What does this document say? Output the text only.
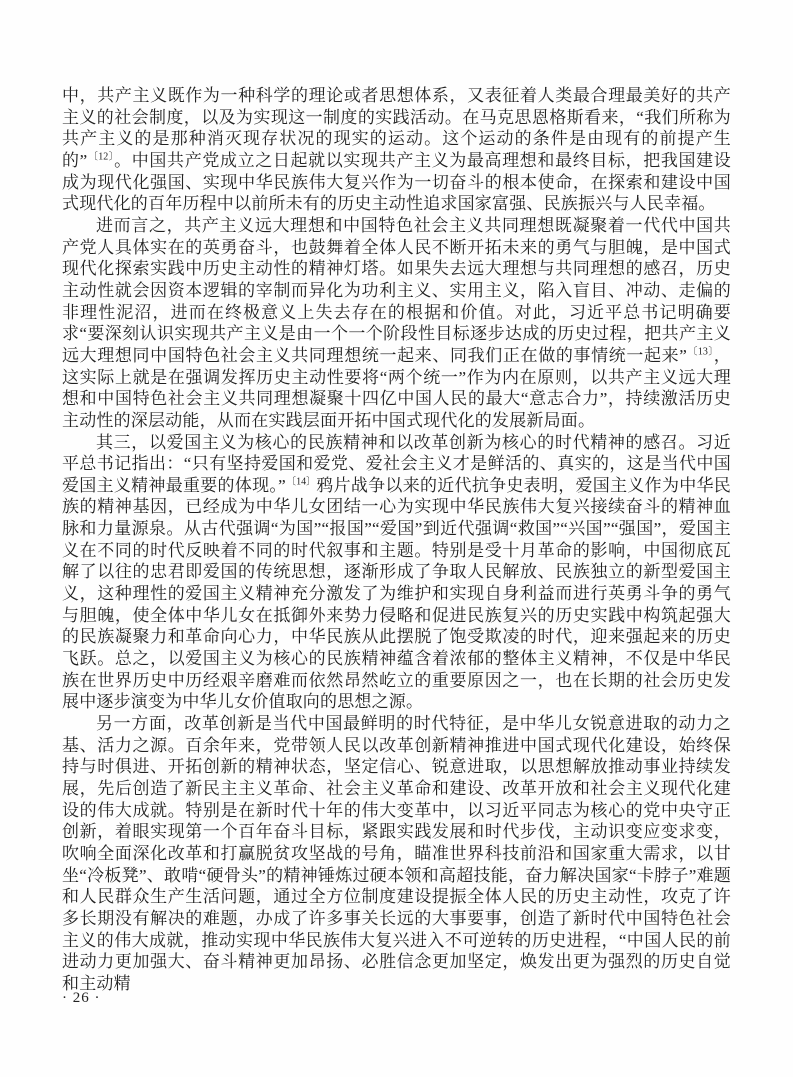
中，共产主义既作为一种科学的理论或者思想体系，又表征着人类最合理最美好的共产主义的社会制度，以及为实现这一制度的实践活动。在马克思恩格斯看来，“我们所称为共产主义的是那种消灭现存状况的现实的运动。这个运动的条件是由现有的前提产生的”$^{〔12〕}$。中国共产党成立之日起就以实现共产主义为最高理想和最终目标，把我国建设成为现代化强国、实现中华民族伟大复兴作为一切奋斗的根本使命，在探索和建设中国式现代化的百年历程中以前所未有的历史主动性追求国家富强、民族振兴与人民幸福。

进而言之，共产主义远大理想和中国特色社会主义共同理想既凝聚着一代代中国共产党人具体实在的英勇奋斗，也鼓舞着全体人民不断开拓未来的勇气与胆魄，是中国式现代化探索实践中历史主动性的精神灯塔。如果失去远大理想与共同理想的感召，历史主动性就会因资本逻辑的宰制而异化为功利主义、实用主义，陷入盲目、冲动、走偏的非理性泥沼，进而在终极意义上失去存在的根据和价值。对此，习近平总书记明确要求“要深刻认识实现共产主义是由一个一个阶段性目标逐步达成的历史过程，把共产主义远大理想同中国特色社会主义共同理想统一起来、同我们正在做的事情统一起来”$^{〔13〕}$，这实际上就是在强调发挥历史主动性要将“两个统一”作为内在原则，以共产主义远大理想和中国特色社会主义共同理想凝聚十四亿中国人民的最大“意志合力”，持续激活历史主动性的深层动能，从而在实践层面开拓中国式现代化的发展新局面。

其三，以爱国主义为核心的民族精神和以改革创新为核心的时代精神的感召。习近平总书记指出：“只有坚持爱国和爱党、爱社会主义才是鲜活的、真实的，这是当代中国爱国主义精神最重要的体现。”$^{〔14〕}$鸦片战争以来的近代抗争史表明，爱国主义作为中华民族的精神基因，已经成为中华儿女团结一心为实现中华民族伟大复兴接续奋斗的精神血脉和力量源泉。从古代强调“为国”“报国”“爱国”到近代强调“救国”“兴国”“强国”，爱国主义在不同的时代反映着不同的时代叙事和主题。特别是受十月革命的影响，中国彻底瓦解了以往的忠君即爱国的传统思想，逐渐形成了争取人民解放、民族独立的新型爱国主义，这种理性的爱国主义精神充分激发了为维护和实现自身利益而进行英勇斗争的勇气与胆魄，使全体中华儿女在抵御外来势力侵略和促进民族复兴的历史实践中构筑起强大的民族凝聚力和革命向心力，中华民族从此摆脱了饱受欺凌的时代，迎来强起来的历史飞跃。总之，以爱国主义为核心的民族精神蕴含着浓郁的整体主义精神，不仅是中华民族在世界历史中历经艰辛磨难而依然昂然屹立的重要原因之一，也在长期的社会历史发展中逐步演变为中华儿女价值取向的思想之源。

另一方面，改革创新是当代中国最鲜明的时代特征，是中华儿女锐意进取的动力之基、活力之源。百余年来，党带领人民以改革创新精神推进中国式现代化建设，始终保持与时俱进、开拓创新的精神状态，坚定信心、锐意进取，以思想解放推动事业持续发展，先后创造了新民主主义革命、社会主义革命和建设、改革开放和社会主义现代化建设的伟大成就。特别是在新时代十年的伟大变革中，以习近平同志为核心的党中央守正创新，着眼实现第一个百年奋斗目标，紧跟实践发展和时代步伐，主动识变应变求变，吹响全面深化改革和打赢脱贫攻坚战的号角，瞄准世界科技前沿和国家重大需求，以甘坐“冷板凳”、敢啃“硬骨头”的精神锤炼过硬本领和高超技能，奋力解决国家“卡脖子”难题和人民群众生产生活问题，通过全方位制度建设提振全体人民的历史主动性，攻克了许多长期没有解决的难题，办成了许多事关长远的大事要事，创造了新时代中国特色社会主义的伟大成就，推动实现中华民族伟大复兴进入不可逆转的历史进程，“中国人民的前进动力更加强大、奋斗精神更加昂扬、必胜信念更加坚定，焕发出更为强烈的历史自觉和主动精

· 26 ·
